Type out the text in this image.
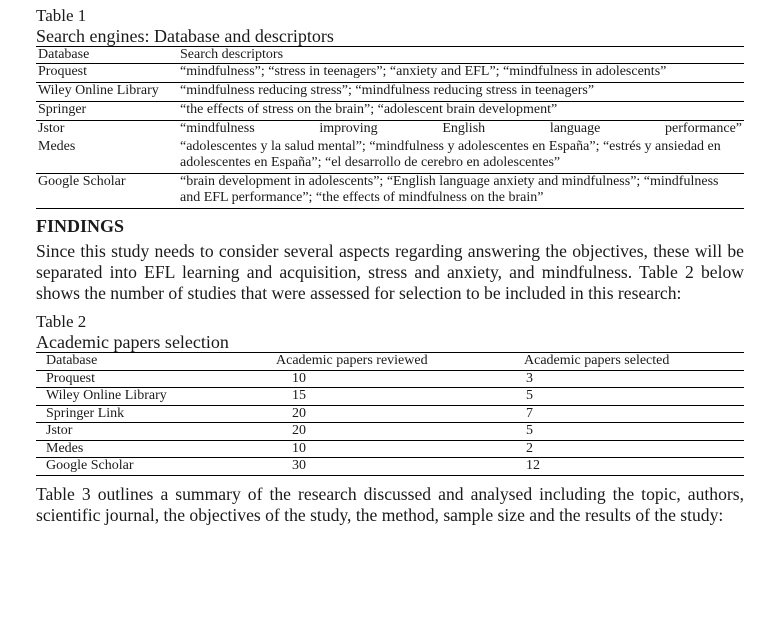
Table 1
Search engines: Database and descriptors
Database	Search descriptors
Proquest	“mindfulness”; “stress in teenagers”; “anxiety and EFL”; “mindfulness in adolescents”
Wiley Online Library	“mindfulness reducing stress”; “mindfulness reducing stress in teenagers”
Springer	“the effects of stress on the brain”; “adolescent brain development”
Jstor	“mindfulness improving English language performance”
Medes	“adolescentes y la salud mental”; “mindfulness y adolescentes en España”; “estrés y ansiedad en adolescentes en España”; “el desarrollo de cerebro en adolescentes”
Google Scholar	“brain development in adolescents”; “English language anxiety and mindfulness”; “mindfulness and EFL performance”; “the effects of mindfulness on the brain”
FINDINGS

Since this study needs to consider several aspects regarding answering the objectives, these will be separated into EFL learning and acquisition, stress and anxiety, and mindfulness. Table 2 below shows the number of studies that were assessed for selection to be included in this research:

Table 2
Academic papers selection
Database	Academic papers reviewed	Academic papers selected
Proquest	10	3
Wiley Online Library	15	5
Springer Link	20	7
Jstor	20	5
Medes	10	2
Google Scholar	30	12

Table 3 outlines a summary of the research discussed and analysed including the topic, authors, scientific journal, the objectives of the study, the method, sample size and the results of the study:
